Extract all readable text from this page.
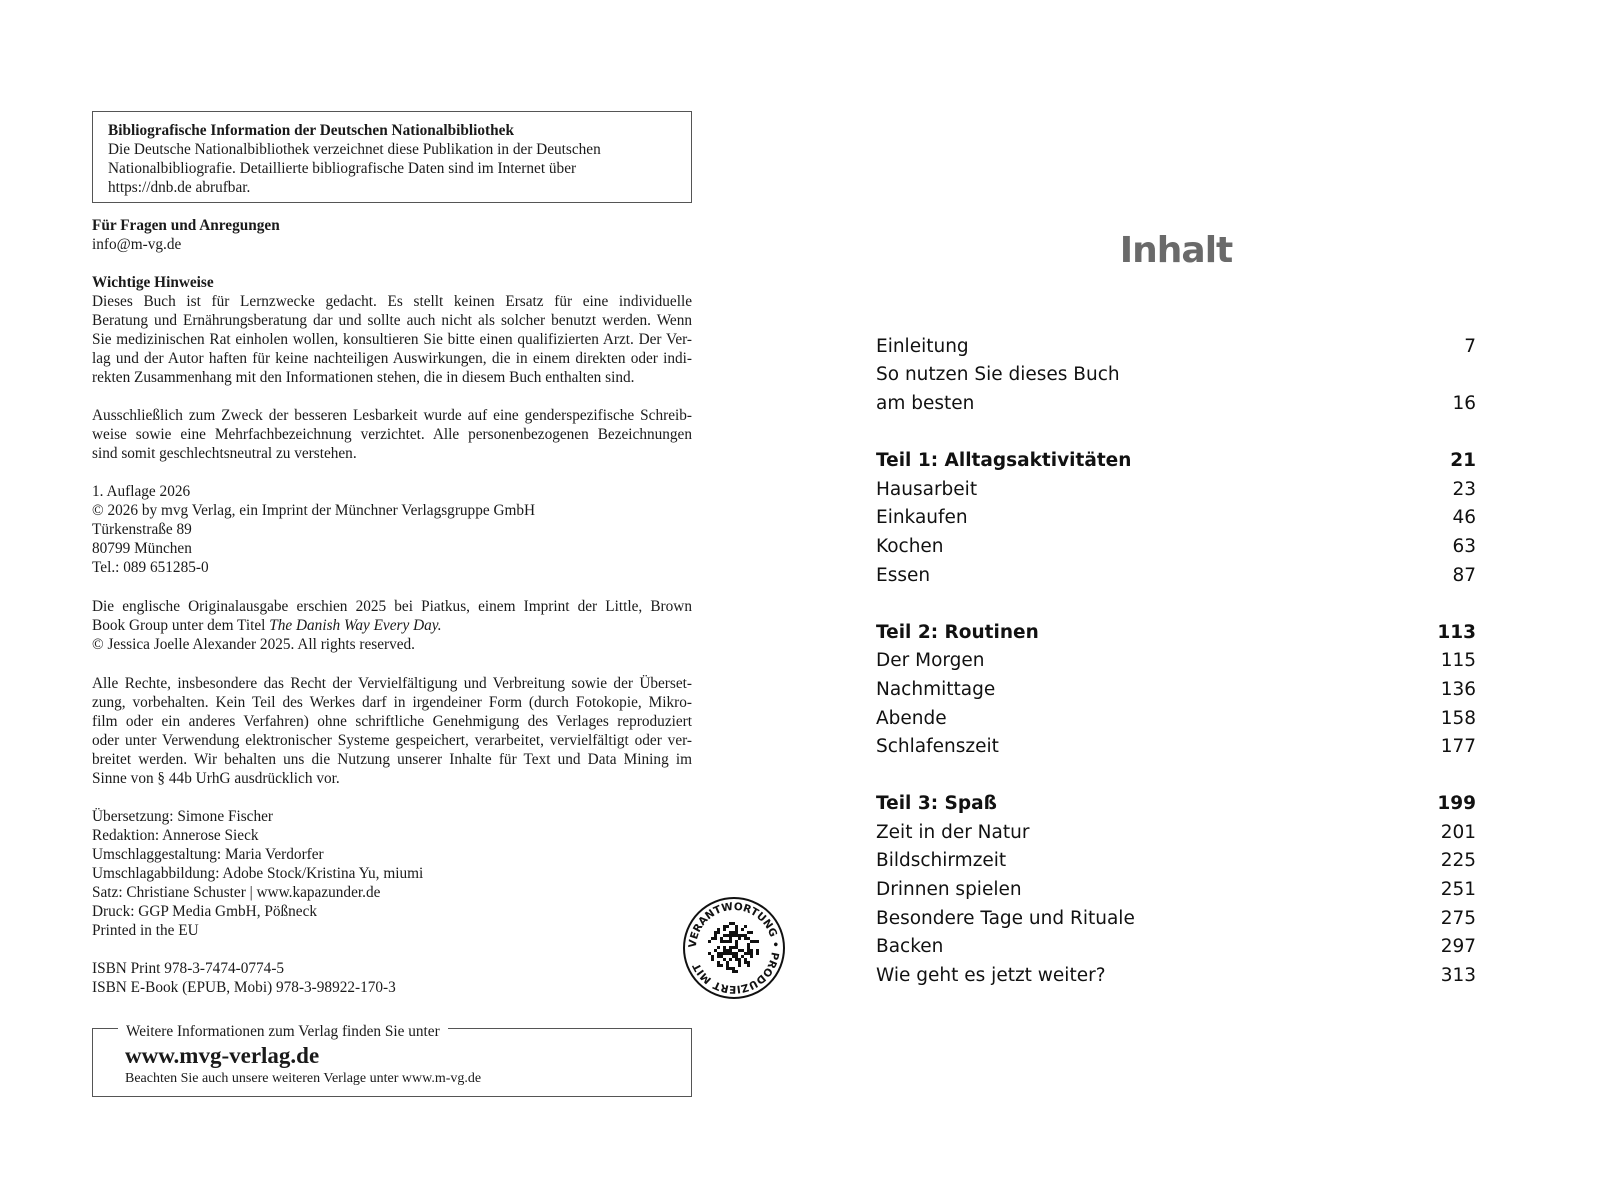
Bibliografische Information der Deutschen Nationalbibliothek
Die Deutsche Nationalbibliothek verzeichnet diese Publikation in der Deutschen
Nationalbibliografie. Detaillierte bibliografische Daten sind im Internet über
https://dnb.de abrufbar.
Für Fragen und Anregungen
info@m-vg.de
Wichtige Hinweise
Dieses Buch ist für Lernzwecke gedacht. Es stellt keinen Ersatz für eine individuelle
Beratung und Ernährungsberatung dar und sollte auch nicht als solcher benutzt werden. Wenn
Sie medizinischen Rat einholen wollen, konsultieren Sie bitte einen qualifizierten Arzt. Der Ver-
lag und der Autor haften für keine nachteiligen Auswirkungen, die in einem direkten oder indi-
rekten Zusammenhang mit den Informationen stehen, die in diesem Buch enthalten sind.
Ausschließlich zum Zweck der besseren Lesbarkeit wurde auf eine genderspezifische Schreib-
weise sowie eine Mehrfachbezeichnung verzichtet. Alle personenbezogenen Bezeichnungen
sind somit geschlechtsneutral zu verstehen.
1. Auflage 2026
© 2026 by mvg Verlag, ein Imprint der Münchner Verlagsgruppe GmbH
Türkenstraße 89
80799 München
Tel.: 089 651285-0
Die englische Originalausgabe erschien 2025 bei Piatkus, einem Imprint der Little, Brown
Book Group unter dem Titel The Danish Way Every Day.
© Jessica Joelle Alexander 2025. All rights reserved.
Alle Rechte, insbesondere das Recht der Vervielfältigung und Verbreitung sowie der Überset-
zung, vorbehalten. Kein Teil des Werkes darf in irgendeiner Form (durch Fotokopie, Mikro-
film oder ein anderes Verfahren) ohne schriftliche Genehmigung des Verlages reproduziert
oder unter Verwendung elektronischer Systeme gespeichert, verarbeitet, vervielfältigt oder ver-
breitet werden. Wir behalten uns die Nutzung unserer Inhalte für Text und Data Mining im
Sinne von § 44b UrhG ausdrücklich vor.
Übersetzung: Simone Fischer
Redaktion: Annerose Sieck
Umschlaggestaltung: Maria Verdorfer
Umschlagabbildung: Adobe Stock/Kristina Yu, miumi
Satz: Christiane Schuster | www.kapazunder.de
Druck: GGP Media GmbH, Pößneck
Printed in the EU
ISBN Print 978-3-7474-0774-5
ISBN E-Book (EPUB, Mobi) 978-3-98922-170-3
VERANTWORTUNG • PRODUZIERT MIT
Weitere Informationen zum Verlag finden Sie unter
www.mvg-verlag.de
Beachten Sie auch unsere weiteren Verlage unter www.m-vg.de
Inhalt
Einleitung	7
So nutzen Sie dieses Buch
am besten	16
Teil 1: Alltagsaktivitäten	21
Hausarbeit	23
Einkaufen	46
Kochen	63
Essen	87
Teil 2: Routinen	113
Der Morgen	115
Nachmittage	136
Abende	158
Schlafenszeit	177
Teil 3: Spaß	199
Zeit in der Natur	201
Bildschirmzeit	225
Drinnen spielen	251
Besondere Tage und Rituale	275
Backen	297
Wie geht es jetzt weiter?	313
